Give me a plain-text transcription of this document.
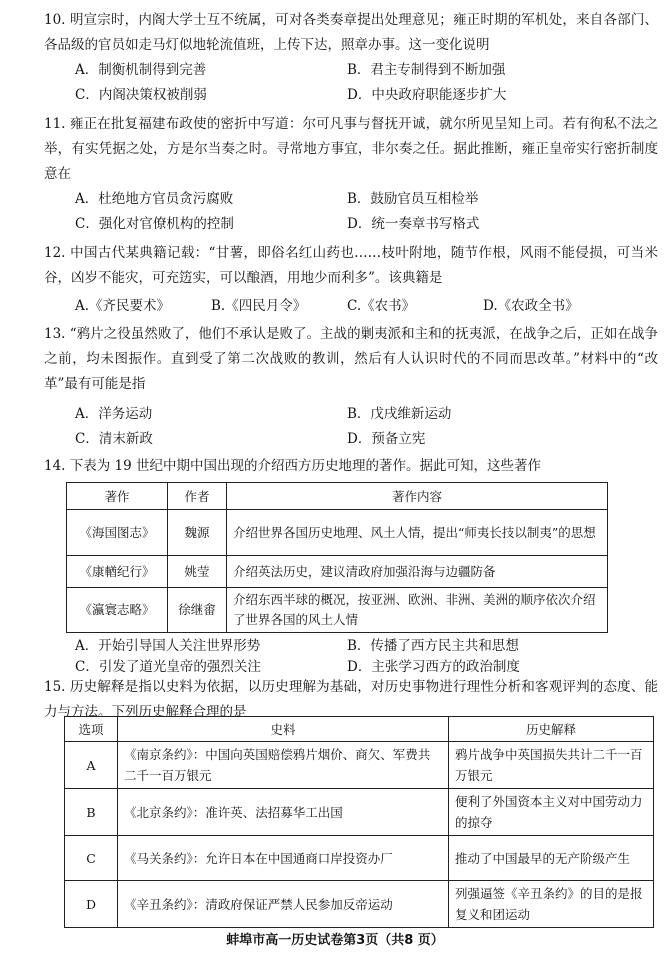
10. 明宣宗时，内阁大学士互不统属，可对各类奏章提出处理意见；雍正时期的军机处，来自各部门、各品级的官员如走马灯似地轮流值班，上传下达，照章办事。这一变化说明
A．制衡机制得到完善	B．君主专制得到不断加强
C．内阁决策权被削弱	D．中央政府职能逐步扩大
11. 雍正在批复福建布政使的密折中写道：尔可凡事与督抚开诚，就尔所见呈知上司。若有徇私不法之举，有实凭据之处，方是尔当奏之时。寻常地方事宜，非尔奏之任。据此推断，雍正皇帝实行密折制度意在
A．杜绝地方官员贪污腐败	B．鼓励官员互相检举
C．强化对官僚机构的控制	D．统一奏章书写格式
12. 中国古代某典籍记载：“甘薯，即俗名红山药也……枝叶附地，随节作根，风雨不能侵损，可当米谷，凶岁不能灾，可充笾实，可以酿酒，用地少而利多”。该典籍是
A.《齐民要术》	B.《四民月令》	C.《农书》	D.《农政全书》
13. “鸦片之役虽然败了，他们不承认是败了。主战的剿夷派和主和的抚夷派，在战争之后，正如在战争之前，均未图振作。直到受了第二次战败的教训，然后有人认识时代的不同而思改革。”材料中的“改革”最有可能是指
A．洋务运动	B．戊戌维新运动
C．清末新政	D．预备立宪
14. 下表为 19 世纪中期中国出现的介绍西方历史地理的著作。据此可知，这些著作
著作	作者	著作内容
《海国图志》	魏源	介绍世界各国历史地理、风土人情，提出“师夷长技以制夷”的思想
《康輶纪行》	姚莹	介绍英法历史，建议清政府加强沿海与边疆防备
《瀛寰志略》	徐继畬	介绍东西半球的概况，按亚洲、欧洲、非洲、美洲的顺序依次介绍了世界各国的风土人情
A．开始引导国人关注世界形势	B．传播了西方民主共和思想
C．引发了道光皇帝的强烈关注	D．主张学习西方的政治制度
15. 历史解释是指以史料为依据，以历史理解为基础，对历史事物进行理性分析和客观评判的态度、能力与方法。下列历史解释合理的是
选项	史料	历史解释
A	《南京条约》：中国向英国赔偿鸦片烟价、商欠、军费共二千一百万银元	鸦片战争中英国损失共计二千一百万银元
B	《北京条约》：准许英、法招募华工出国	便利了外国资本主义对中国劳动力的掠夺
C	《马关条约》：允许日本在中国通商口岸投资办厂	推动了中国最早的无产阶级产生
D	《辛丑条约》：清政府保证严禁人民参加反帝运动	列强逼签《辛丑条约》的目的是报复义和团运动
蚌埠市高一历史试卷第3页（共8 页）
